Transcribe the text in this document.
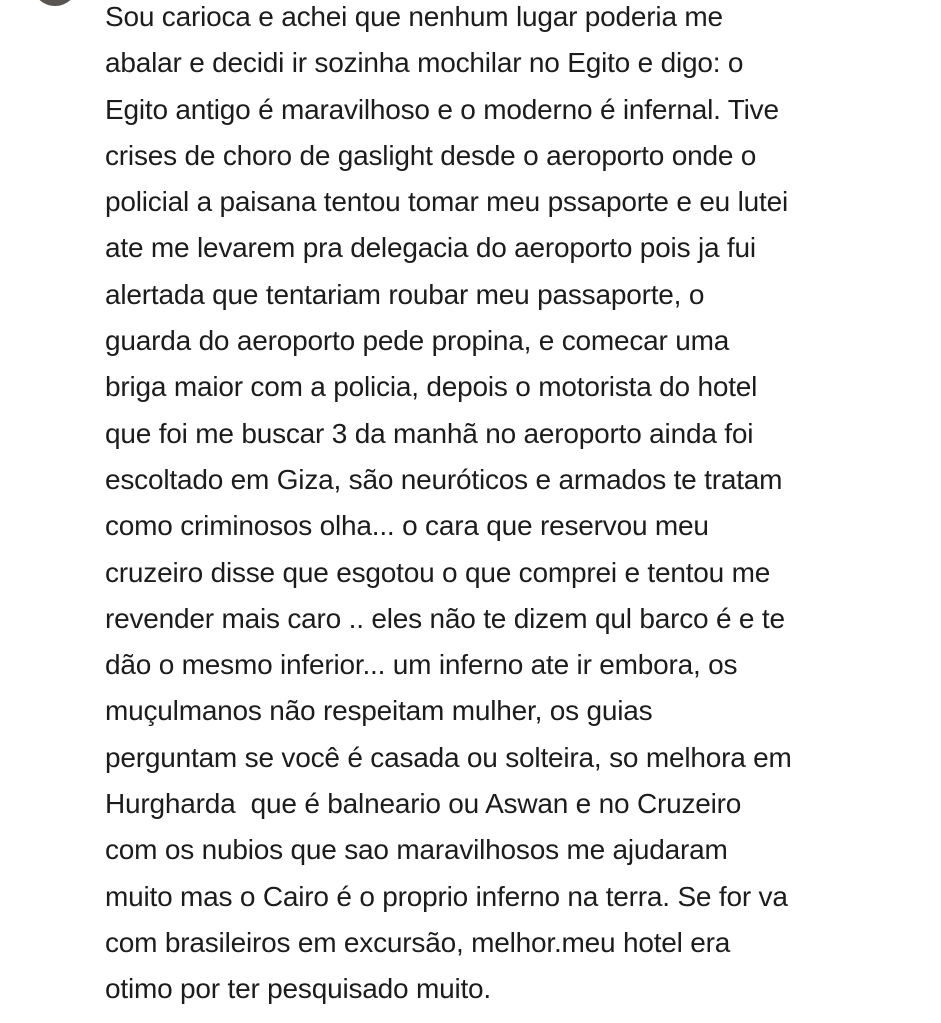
Sou carioca e achei que nenhum lugar poderia me
abalar e decidi ir sozinha mochilar no Egito e digo: o
Egito antigo é maravilhoso e o moderno é infernal. Tive
crises de choro de gaslight desde o aeroporto onde o
policial a paisana tentou tomar meu pssaporte e eu lutei
ate me levarem pra delegacia do aeroporto pois ja fui
alertada que tentariam roubar meu passaporte, o
guarda do aeroporto pede propina, e comecar uma
briga maior com a policia, depois o motorista do hotel
que foi me buscar 3 da manhã no aeroporto ainda foi
escoltado em Giza, são neuróticos e armados te tratam
como criminosos olha... o cara que reservou meu
cruzeiro disse que esgotou o que comprei e tentou me
revender mais caro .. eles não te dizem qul barco é e te
dão o mesmo inferior... um inferno ate ir embora, os
muçulmanos não respeitam mulher, os guias
perguntam se você é casada ou solteira, so melhora em
Hurgharda  que é balneario ou Aswan e no Cruzeiro
com os nubios que sao maravilhosos me ajudaram
muito mas o Cairo é o proprio inferno na terra. Se for va
com brasileiros em excursão, melhor.meu hotel era
otimo por ter pesquisado muito.
